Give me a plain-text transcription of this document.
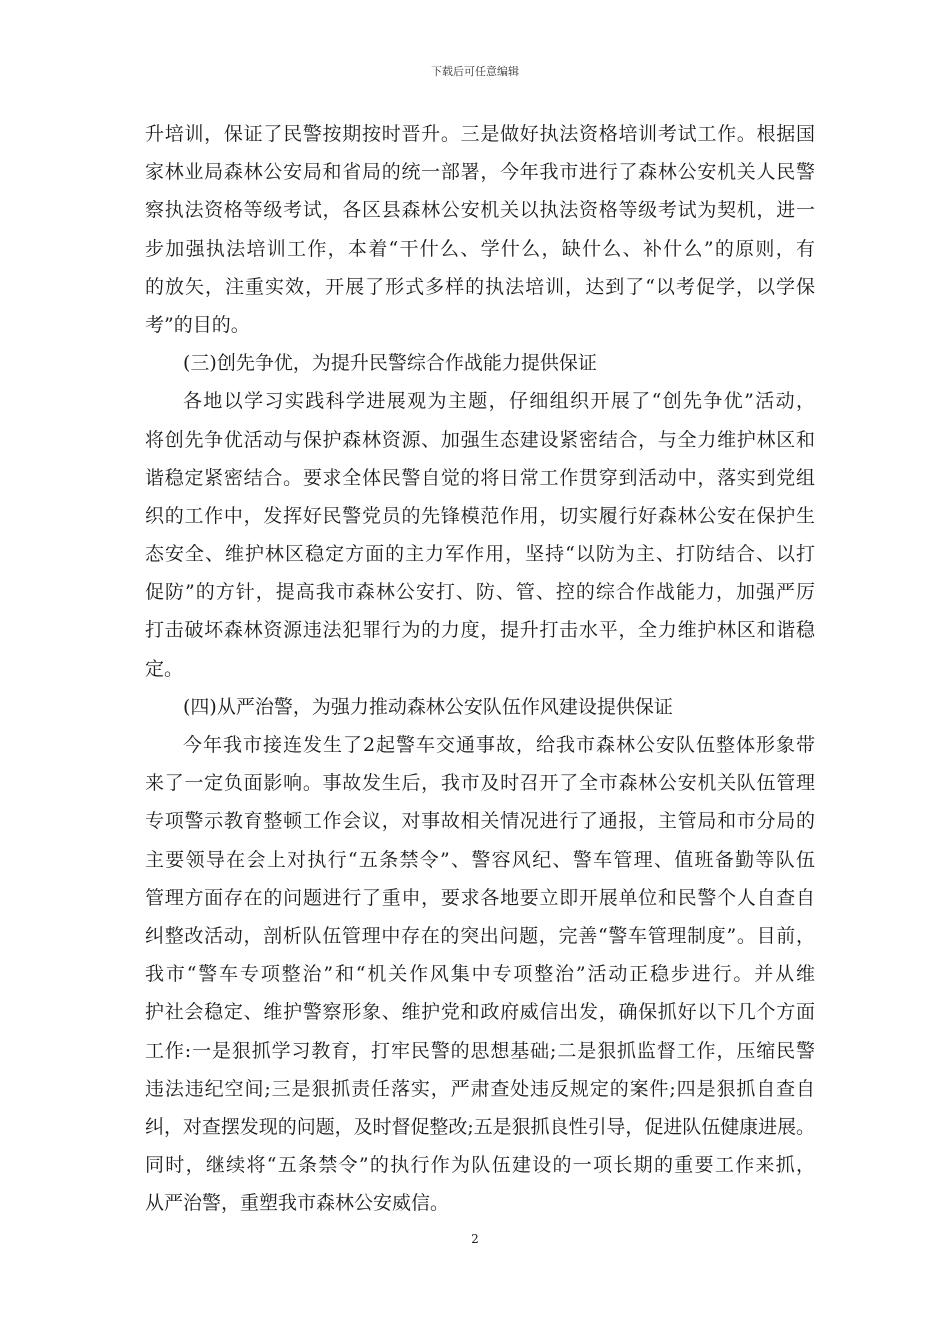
下载后可任意编辑
升培训，保证了民警按期按时晋升。三是做好执法资格培训考试工作。根据国
家林业局森林公安局和省局的统一部署，今年我市进行了森林公安机关人民警
察执法资格等级考试，各区县森林公安机关以执法资格等级考试为契机，进一
步加强执法培训工作，本着“干什么、学什么，缺什么、补什么”的原则，有
的放矢，注重实效，开展了形式多样的执法培训，达到了“以考促学，以学保
考”的目的。
(三)创先争优，为提升民警综合作战能力提供保证
各地以学习实践科学进展观为主题，仔细组织开展了“创先争优”活动，
将创先争优活动与保护森林资源、加强生态建设紧密结合，与全力维护林区和
谐稳定紧密结合。要求全体民警自觉的将日常工作贯穿到活动中，落实到党组
织的工作中，发挥好民警党员的先锋模范作用，切实履行好森林公安在保护生
态安全、维护林区稳定方面的主力军作用，坚持“以防为主、打防结合、以打
促防”的方针，提高我市森林公安打、防、管、控的综合作战能力，加强严厉
打击破坏森林资源违法犯罪行为的力度，提升打击水平，全力维护林区和谐稳
定。
(四)从严治警，为强力推动森林公安队伍作风建设提供保证
今年我市接连发生了2起警车交通事故，给我市森林公安队伍整体形象带
来了一定负面影响。事故发生后，我市及时召开了全市森林公安机关队伍管理
专项警示教育整顿工作会议，对事故相关情况进行了通报，主管局和市分局的
主要领导在会上对执行“五条禁令”、警容风纪、警车管理、值班备勤等队伍
管理方面存在的问题进行了重申，要求各地要立即开展单位和民警个人自查自
纠整改活动，剖析队伍管理中存在的突出问题，完善“警车管理制度”。目前，
我市“警车专项整治”和“机关作风集中专项整治”活动正稳步进行。并从维
护社会稳定、维护警察形象、维护党和政府威信出发，确保抓好以下几个方面
工作:一是狠抓学习教育，打牢民警的思想基础;二是狠抓监督工作，压缩民警
违法违纪空间;三是狠抓责任落实，严肃查处违反规定的案件;四是狠抓自查自
纠，对查摆发现的问题，及时督促整改;五是狠抓良性引导，促进队伍健康进展。
同时，继续将“五条禁令”的执行作为队伍建设的一项长期的重要工作来抓，
从严治警，重塑我市森林公安威信。
2
